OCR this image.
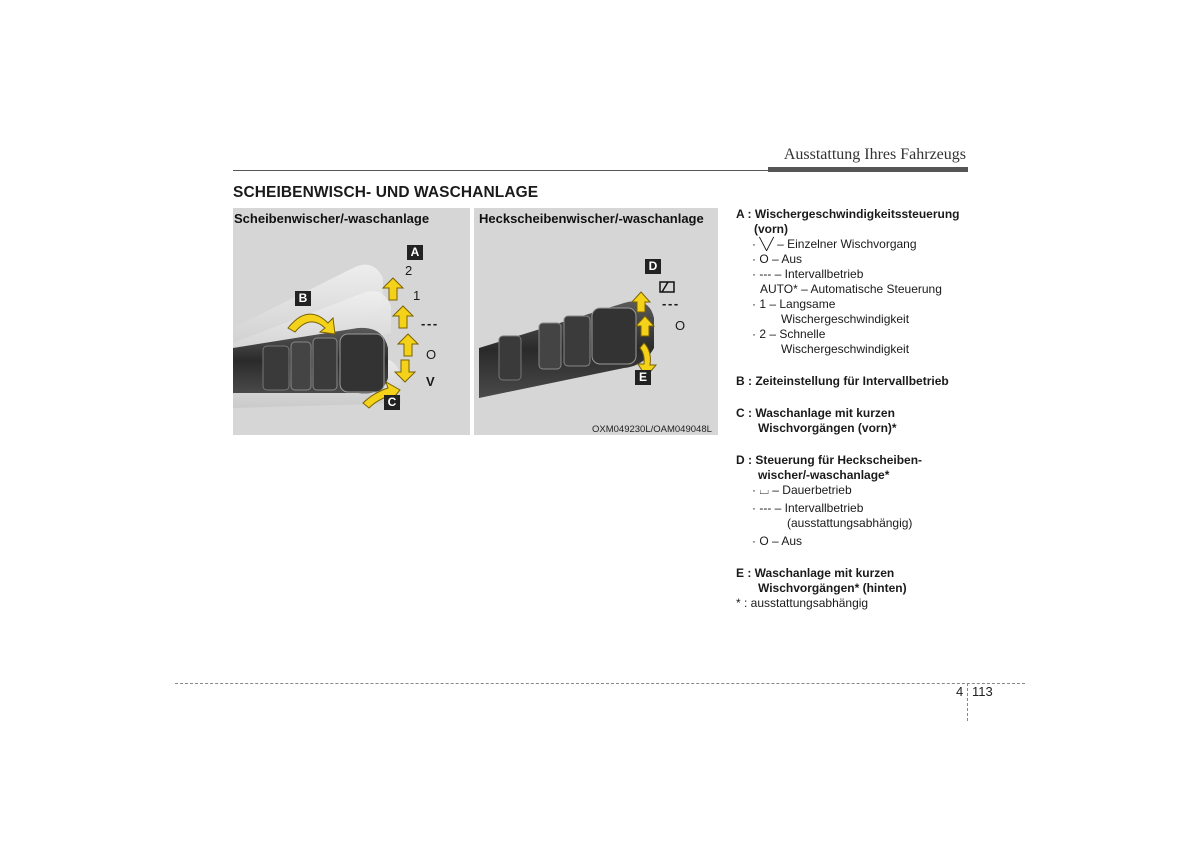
Ausstattung Ihres Fahrzeugs
SCHEIBENWISCH- UND WASCHANLAGE
Scheibenwischer/-waschanlage
A
B
C
2
1
- - -
O
V
Heckscheibenwischer/-waschanlage
D
E
- - -
O
OXM049230L/OAM049048L
A : Wischergeschwindigkeitssteuerung
(vorn)
· ╲╱ – Einzelner Wischvorgang
· O – Aus
· --- – Intervallbetrieb
AUTO* – Automatische Steuerung
· 1 – Langsame
Wischergeschwindigkeit
· 2 – Schnelle
Wischergeschwindigkeit
B : Zeiteinstellung für Intervallbetrieb
C : Waschanlage mit kurzen
Wischvorgängen (vorn)*
D : Steuerung für Heckscheiben-
wischer/-waschanlage*
· ⌴ – Dauerbetrieb
· --- – Intervallbetrieb
(ausstattungsabhängig)
· O – Aus
E : Waschanlage mit kurzen
Wischvorgängen* (hinten)
* : ausstattungsabhängig
4 113
